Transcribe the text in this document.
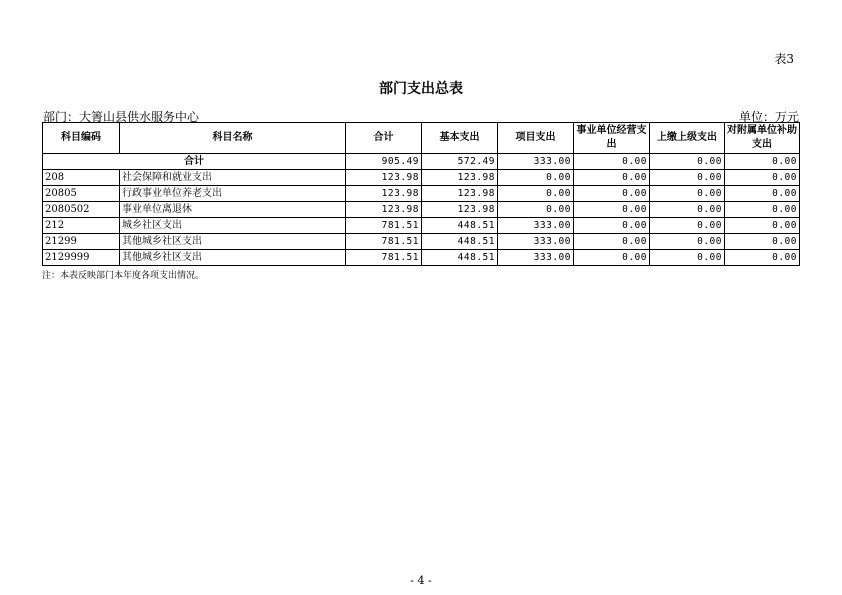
表3
部门支出总表
部门：大箐山县供水服务中心	单位：万元
科目编码	科目名称	合计	基本支出	项目支出	事业单位经营支出	上缴上级支出	对附属单位补助支出
合计		905.49	572.49	333.00	0.00	0.00	0.00
208	社会保障和就业支出	123.98	123.98	0.00	0.00	0.00	0.00
20805	行政事业单位养老支出	123.98	123.98	0.00	0.00	0.00	0.00
2080502	事业单位离退休	123.98	123.98	0.00	0.00	0.00	0.00
212	城乡社区支出	781.51	448.51	333.00	0.00	0.00	0.00
21299	其他城乡社区支出	781.51	448.51	333.00	0.00	0.00	0.00
2129999	其他城乡社区支出	781.51	448.51	333.00	0.00	0.00	0.00
注：本表反映部门本年度各项支出情况。
- 4 -
